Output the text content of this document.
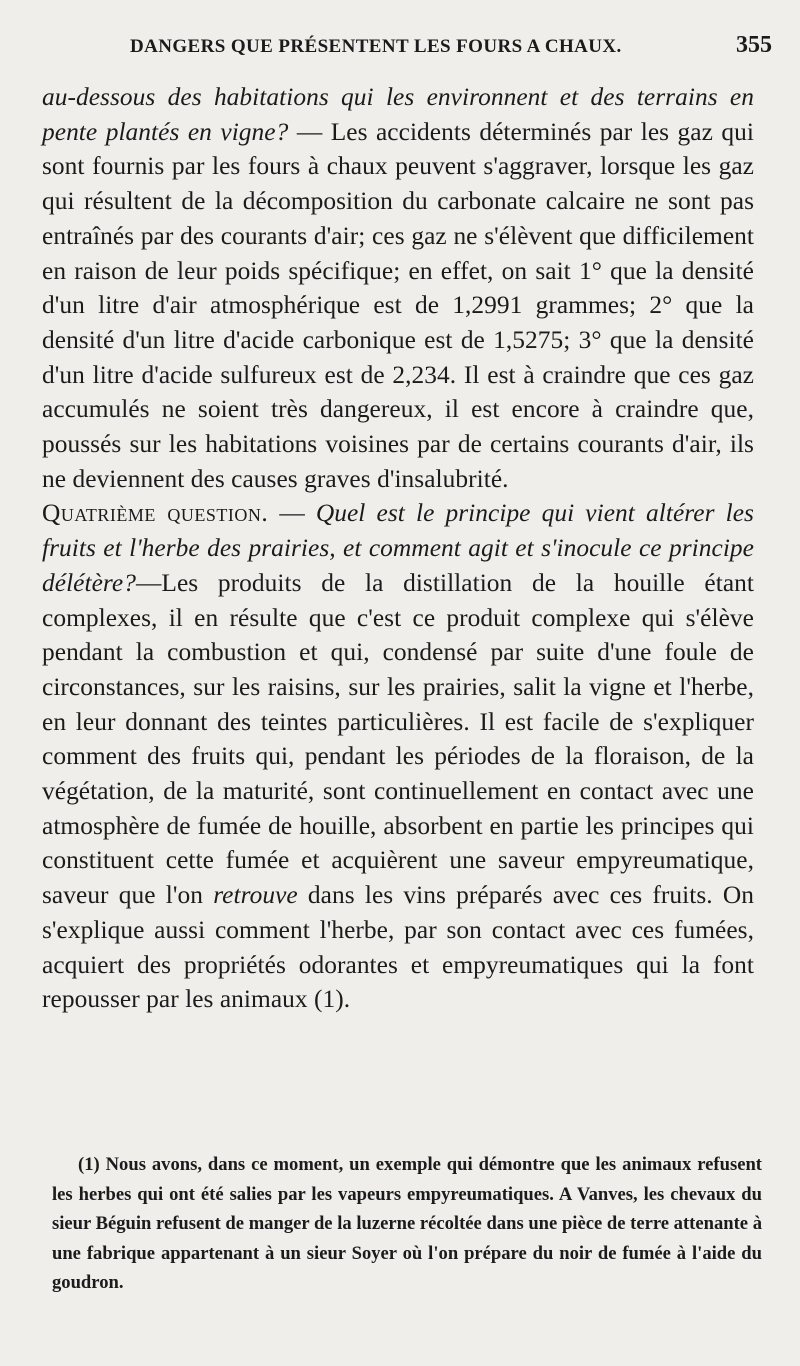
DANGERS QUE PRÉSENTENT LES FOURS A CHAUX.	355

au-dessous des habitations qui les environnent et des terrains en pente plantés en vigne? — Les accidents déterminés par les gaz qui sont fournis par les fours à chaux peuvent s'aggraver, lorsque les gaz qui résultent de la décomposition du carbonate calcaire ne sont pas entraînés par des courants d'air; ces gaz ne s'élèvent que difficilement en raison de leur poids spécifique; en effet, on sait 1° que la densité d'un litre d'air atmosphérique est de 1,2991 grammes; 2° que la densité d'un litre d'acide carbonique est de 1,5275; 3° que la densité d'un litre d'acide sulfureux est de 2,234. Il est à craindre que ces gaz accumulés ne soient très dangereux, il est encore à craindre que, poussés sur les habitations voisines par de certains courants d'air, ils ne deviennent des causes graves d'insalubrité.

Quatrième question. — Quel est le principe qui vient altérer les fruits et l'herbe des prairies, et comment agit et s'inocule ce principe délétère?—Les produits de la distillation de la houille étant complexes, il en résulte que c'est ce produit complexe qui s'élève pendant la combustion et qui, condensé par suite d'une foule de circonstances, sur les raisins, sur les prairies, salit la vigne et l'herbe, en leur donnant des teintes particulières. Il est facile de s'expliquer comment des fruits qui, pendant les périodes de la floraison, de la végétation, de la maturité, sont continuellement en contact avec une atmosphère de fumée de houille, absorbent en partie les principes qui constituent cette fumée et acquièrent une saveur empyreumatique, saveur que l'on retrouve dans les vins préparés avec ces fruits. On s'explique aussi comment l'herbe, par son contact avec ces fumées, acquiert des propriétés odorantes et empyreumatiques qui la font repousser par les animaux (1).

(1) Nous avons, dans ce moment, un exemple qui démontre que les animaux refusent les herbes qui ont été salies par les vapeurs empyreumatiques. A Vanves, les chevaux du sieur Béguin refusent de manger de la luzerne récoltée dans une pièce de terre attenante à une fabrique appartenant à un sieur Soyer où l'on prépare du noir de fumée à l'aide du goudron.
